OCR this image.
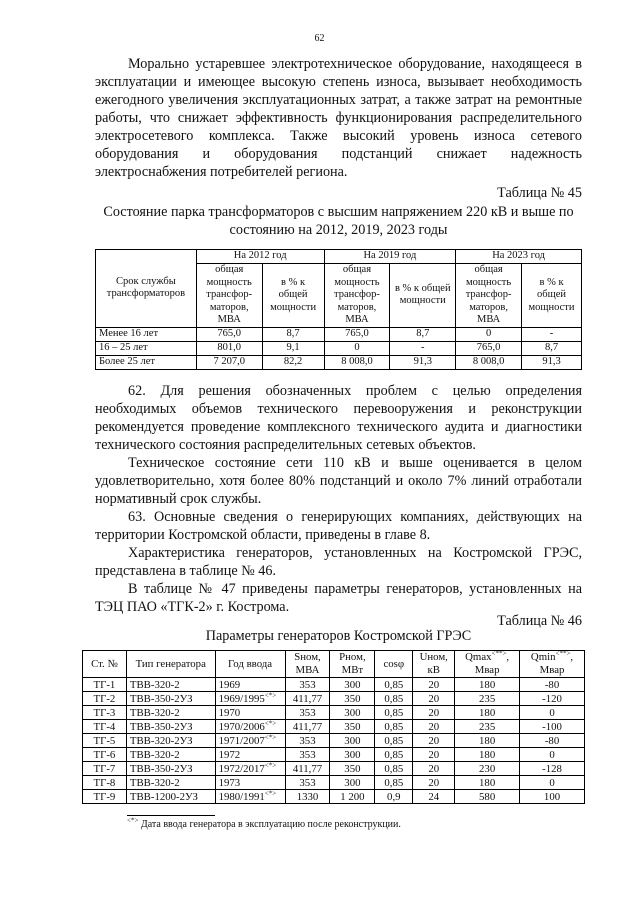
62

Морально устаревшее электротехническое оборудование, находящееся в эксплуатации и имеющее высокую степень износа, вызывает необходимость ежегодного увеличения эксплуатационных затрат, а также затрат на ремонтные работы, что снижает эффективность функционирования распределительного электросетевого комплекса. Также высокий уровень износа сетевого оборудования и оборудования подстанций снижает надежность электроснабжения потребителей региона.

Таблица № 45
Состояние парка трансформаторов с высшим напряжением 220 кВ и выше по состоянию на 2012, 2019, 2023 годы
Срок службы трансформаторов	На 2012 год		На 2019 год		На 2023 год	
	общая мощность трансфор-маторов, МВА	в % к общей мощности	общая мощность трансфор-маторов, МВА	в % к общей мощности	общая мощность трансфор-маторов, МВА	в % к общей мощности
Менее 16 лет	765,0	8,7	765,0	8,7	0	-
16 – 25 лет	801,0	9,1	0	-	765,0	8,7
Более 25 лет	7 207,0	82,2	8 008,0	91,3	8 008,0	91,3

62. Для решения обозначенных проблем с целью определения необходимых объемов технического перевооружения и реконструкции рекомендуется проведение комплексного технического аудита и диагностики технического состояния распределительных сетевых объектов.

Техническое состояние сети 110 кВ и выше оценивается в целом удовлетворительно, хотя более 80% подстанций и около 7% линий отработали нормативный срок службы.

63. Основные сведения о генерирующих компаниях, действующих на территории Костромской области, приведены в главе 8.

Характеристика генераторов, установленных на Костромской ГРЭС, представлена в таблице № 46.

В таблице № 47 приведены параметры генераторов, установленных на ТЭЦ ПАО «ТГК-2» г. Кострома.

Таблица № 46
Параметры генераторов Костромской ГРЭС
Ст. №	Тип генератора	Год ввода	Sном, МВА	Pном, МВт	cosφ	Uном, кВ	Qmax<**>, Мвар	Qmin<**>, Мвар
ТГ-1	ТВВ-320-2	1969	353	300	0,85	20	180	-80
ТГ-2	ТВВ-350-2УЗ	1969/1995<*>	411,77	350	0,85	20	235	-120
ТГ-3	ТВВ-320-2	1970	353	300	0,85	20	180	0
ТГ-4	ТВВ-350-2УЗ	1970/2006<*>	411,77	350	0,85	20	235	-100
ТГ-5	ТВВ-320-2УЗ	1971/2007<*>	353	300	0,85	20	180	-80
ТГ-6	ТВВ-320-2	1972	353	300	0,85	20	180	0
ТГ-7	ТВВ-350-2УЗ	1972/2017<*>	411,77	350	0,85	20	230	-128
ТГ-8	ТВВ-320-2	1973	353	300	0,85	20	180	0
ТГ-9	ТВВ-1200-2УЗ	1980/1991<*>	1330	1 200	0,9	24	580	100
<*> Дата ввода генератора в эксплуатацию после реконструкции.
